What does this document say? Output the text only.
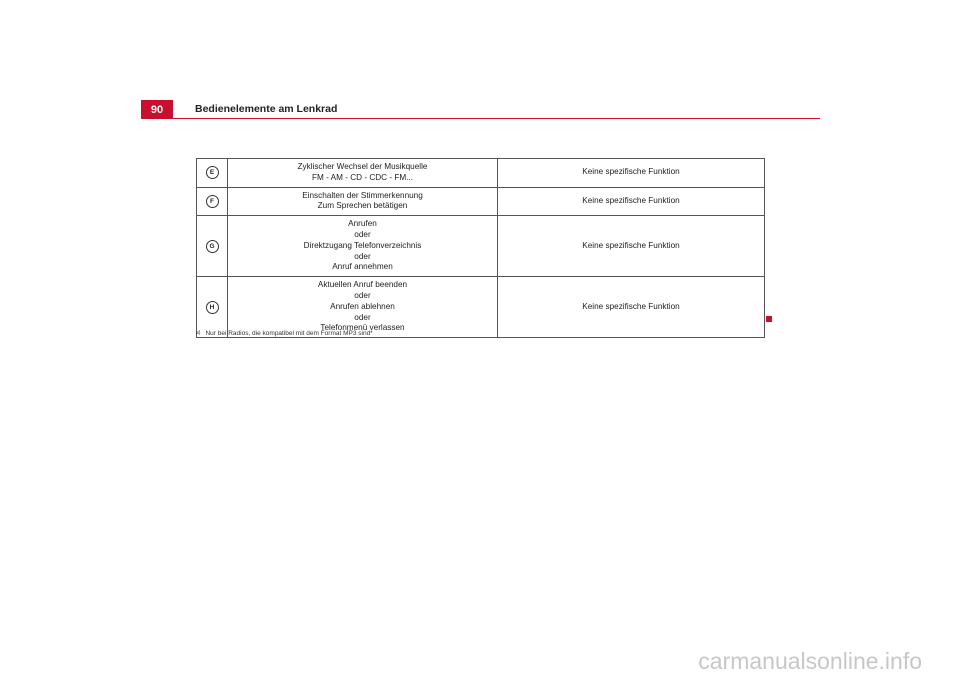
90	Bedienelemente am Lenkrad
E	Zyklischer Wechsel der Musikquelle
FM - AM - CD - CDC - FM...	Keine spezifische Funktion
F	Einschalten der Stimmerkennung
Zum Sprechen betätigen	Keine spezifische Funktion
G	Anrufen
oder
Direktzugang Telefonverzeichnis
oder
Anruf annehmen	Keine spezifische Funktion
H	Aktuellen Anruf beenden
oder
Anrufen ablehnen
oder
Telefonmenü verlassen	Keine spezifische Funktion
$^{a)}$ Nur bei Radios, die kompatibel mit dem Format MP3 sind*
carmanualsonline.info
